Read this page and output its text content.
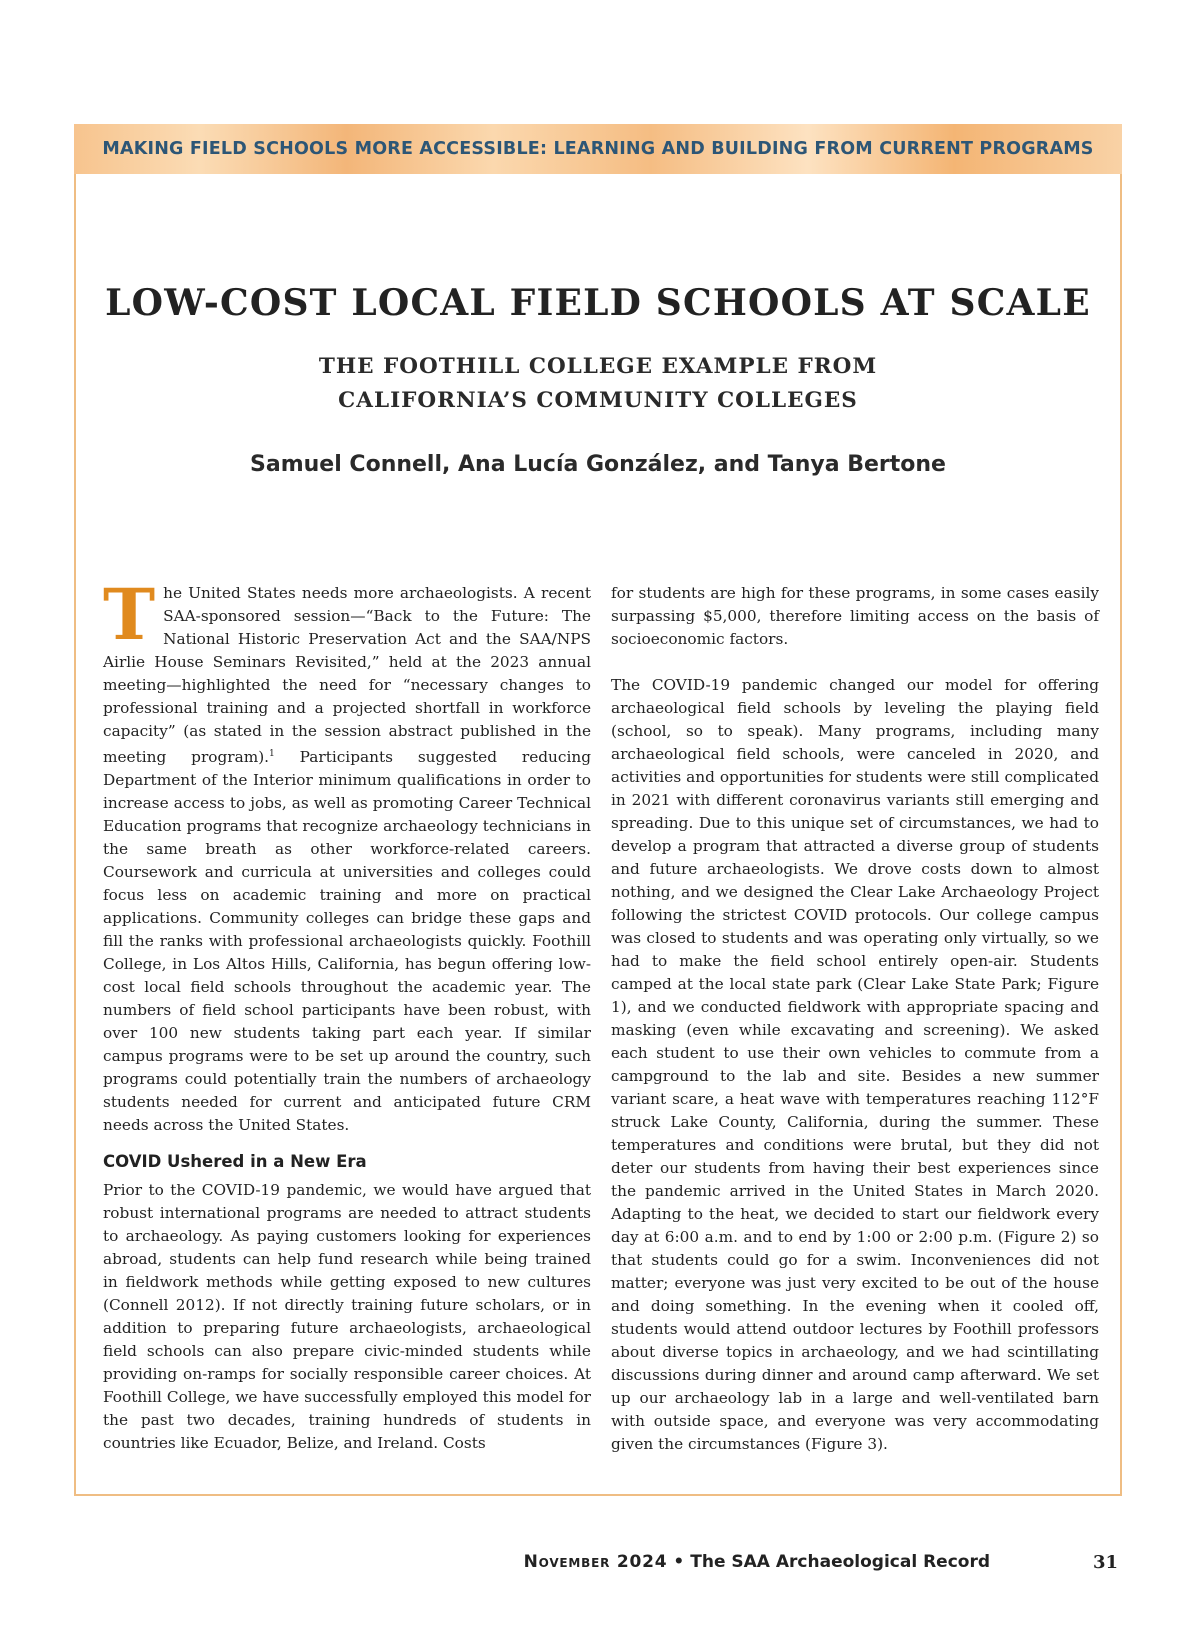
MAKING FIELD SCHOOLS MORE ACCESSIBLE: LEARNING AND BUILDING FROM CURRENT PROGRAMS
LOW-COST LOCAL FIELD SCHOOLS AT SCALE
THE FOOTHILL COLLEGE EXAMPLE FROM
CALIFORNIA’S COMMUNITY COLLEGES
Samuel Connell, Ana Lucía González, and Tanya Bertone

The United States needs more archaeologists. A recent SAA-sponsored session—“Back to the Future: The National Historic Preservation Act and the SAA/NPS Airlie House Seminars Revisited,” held at the 2023 annual meeting—highlighted the need for “necessary changes to professional training and a projected shortfall in workforce capacity” (as stated in the session abstract published in the meeting program).$^1$ Participants suggested reducing Department of the Interior minimum qualifications in order to increase access to jobs, as well as promoting Career Technical Education programs that recognize archaeology technicians in the same breath as other workforce-related careers. Coursework and curricula at universities and colleges could focus less on academic training and more on practical applications. Community colleges can bridge these gaps and fill the ranks with professional archaeologists quickly. Foothill College, in Los Altos Hills, California, has begun offering low-cost local field schools throughout the academic year. The numbers of field school participants have been robust, with over 100 new students taking part each year. If similar campus programs were to be set up around the country, such programs could potentially train the numbers of archaeology students needed for current and anticipated future CRM needs across the United States.

COVID Ushered in a New Era

Prior to the COVID-19 pandemic, we would have argued that robust international programs are needed to attract students to archaeology. As paying customers looking for experiences abroad, students can help fund research while being trained in fieldwork methods while getting exposed to new cultures (Connell 2012). If not directly training future scholars, or in addition to preparing future archaeologists, archaeological field schools can also prepare civic-minded students while providing on-ramps for socially responsible career choices. At Foothill College, we have successfully employed this model for the past two decades, training hundreds of students in countries like Ecuador, Belize, and Ireland. Costs

for students are high for these programs, in some cases easily surpassing $5,000, therefore limiting access on the basis of socioeconomic factors.

The COVID-19 pandemic changed our model for offering archaeological field schools by leveling the playing field (school, so to speak). Many programs, including many archaeological field schools, were canceled in 2020, and activities and opportunities for students were still complicated in 2021 with different coronavirus variants still emerging and spreading. Due to this unique set of circumstances, we had to develop a program that attracted a diverse group of students and future archaeologists. We drove costs down to almost nothing, and we designed the Clear Lake Archaeology Project following the strictest COVID protocols. Our college campus was closed to students and was operating only virtually, so we had to make the field school entirely open-air. Students camped at the local state park (Clear Lake State Park; Figure 1), and we conducted fieldwork with appropriate spacing and masking (even while excavating and screening). We asked each student to use their own vehicles to commute from a campground to the lab and site. Besides a new summer variant scare, a heat wave with temperatures reaching 112°F struck Lake County, California, during the summer. These temperatures and conditions were brutal, but they did not deter our students from having their best experiences since the pandemic arrived in the United States in March 2020. Adapting to the heat, we decided to start our fieldwork every day at 6:00 a.m. and to end by 1:00 or 2:00 p.m. (Figure 2) so that students could go for a swim. Inconveniences did not matter; everyone was just very excited to be out of the house and doing something. In the evening when it cooled off, students would attend outdoor lectures by Foothill professors about diverse topics in archaeology, and we had scintillating discussions during dinner and around camp afterward. We set up our archaeology lab in a large and well-ventilated barn with outside space, and everyone was very accommodating given the circumstances (Figure 3).

November 2024 • The SAA Archaeological Record	31
